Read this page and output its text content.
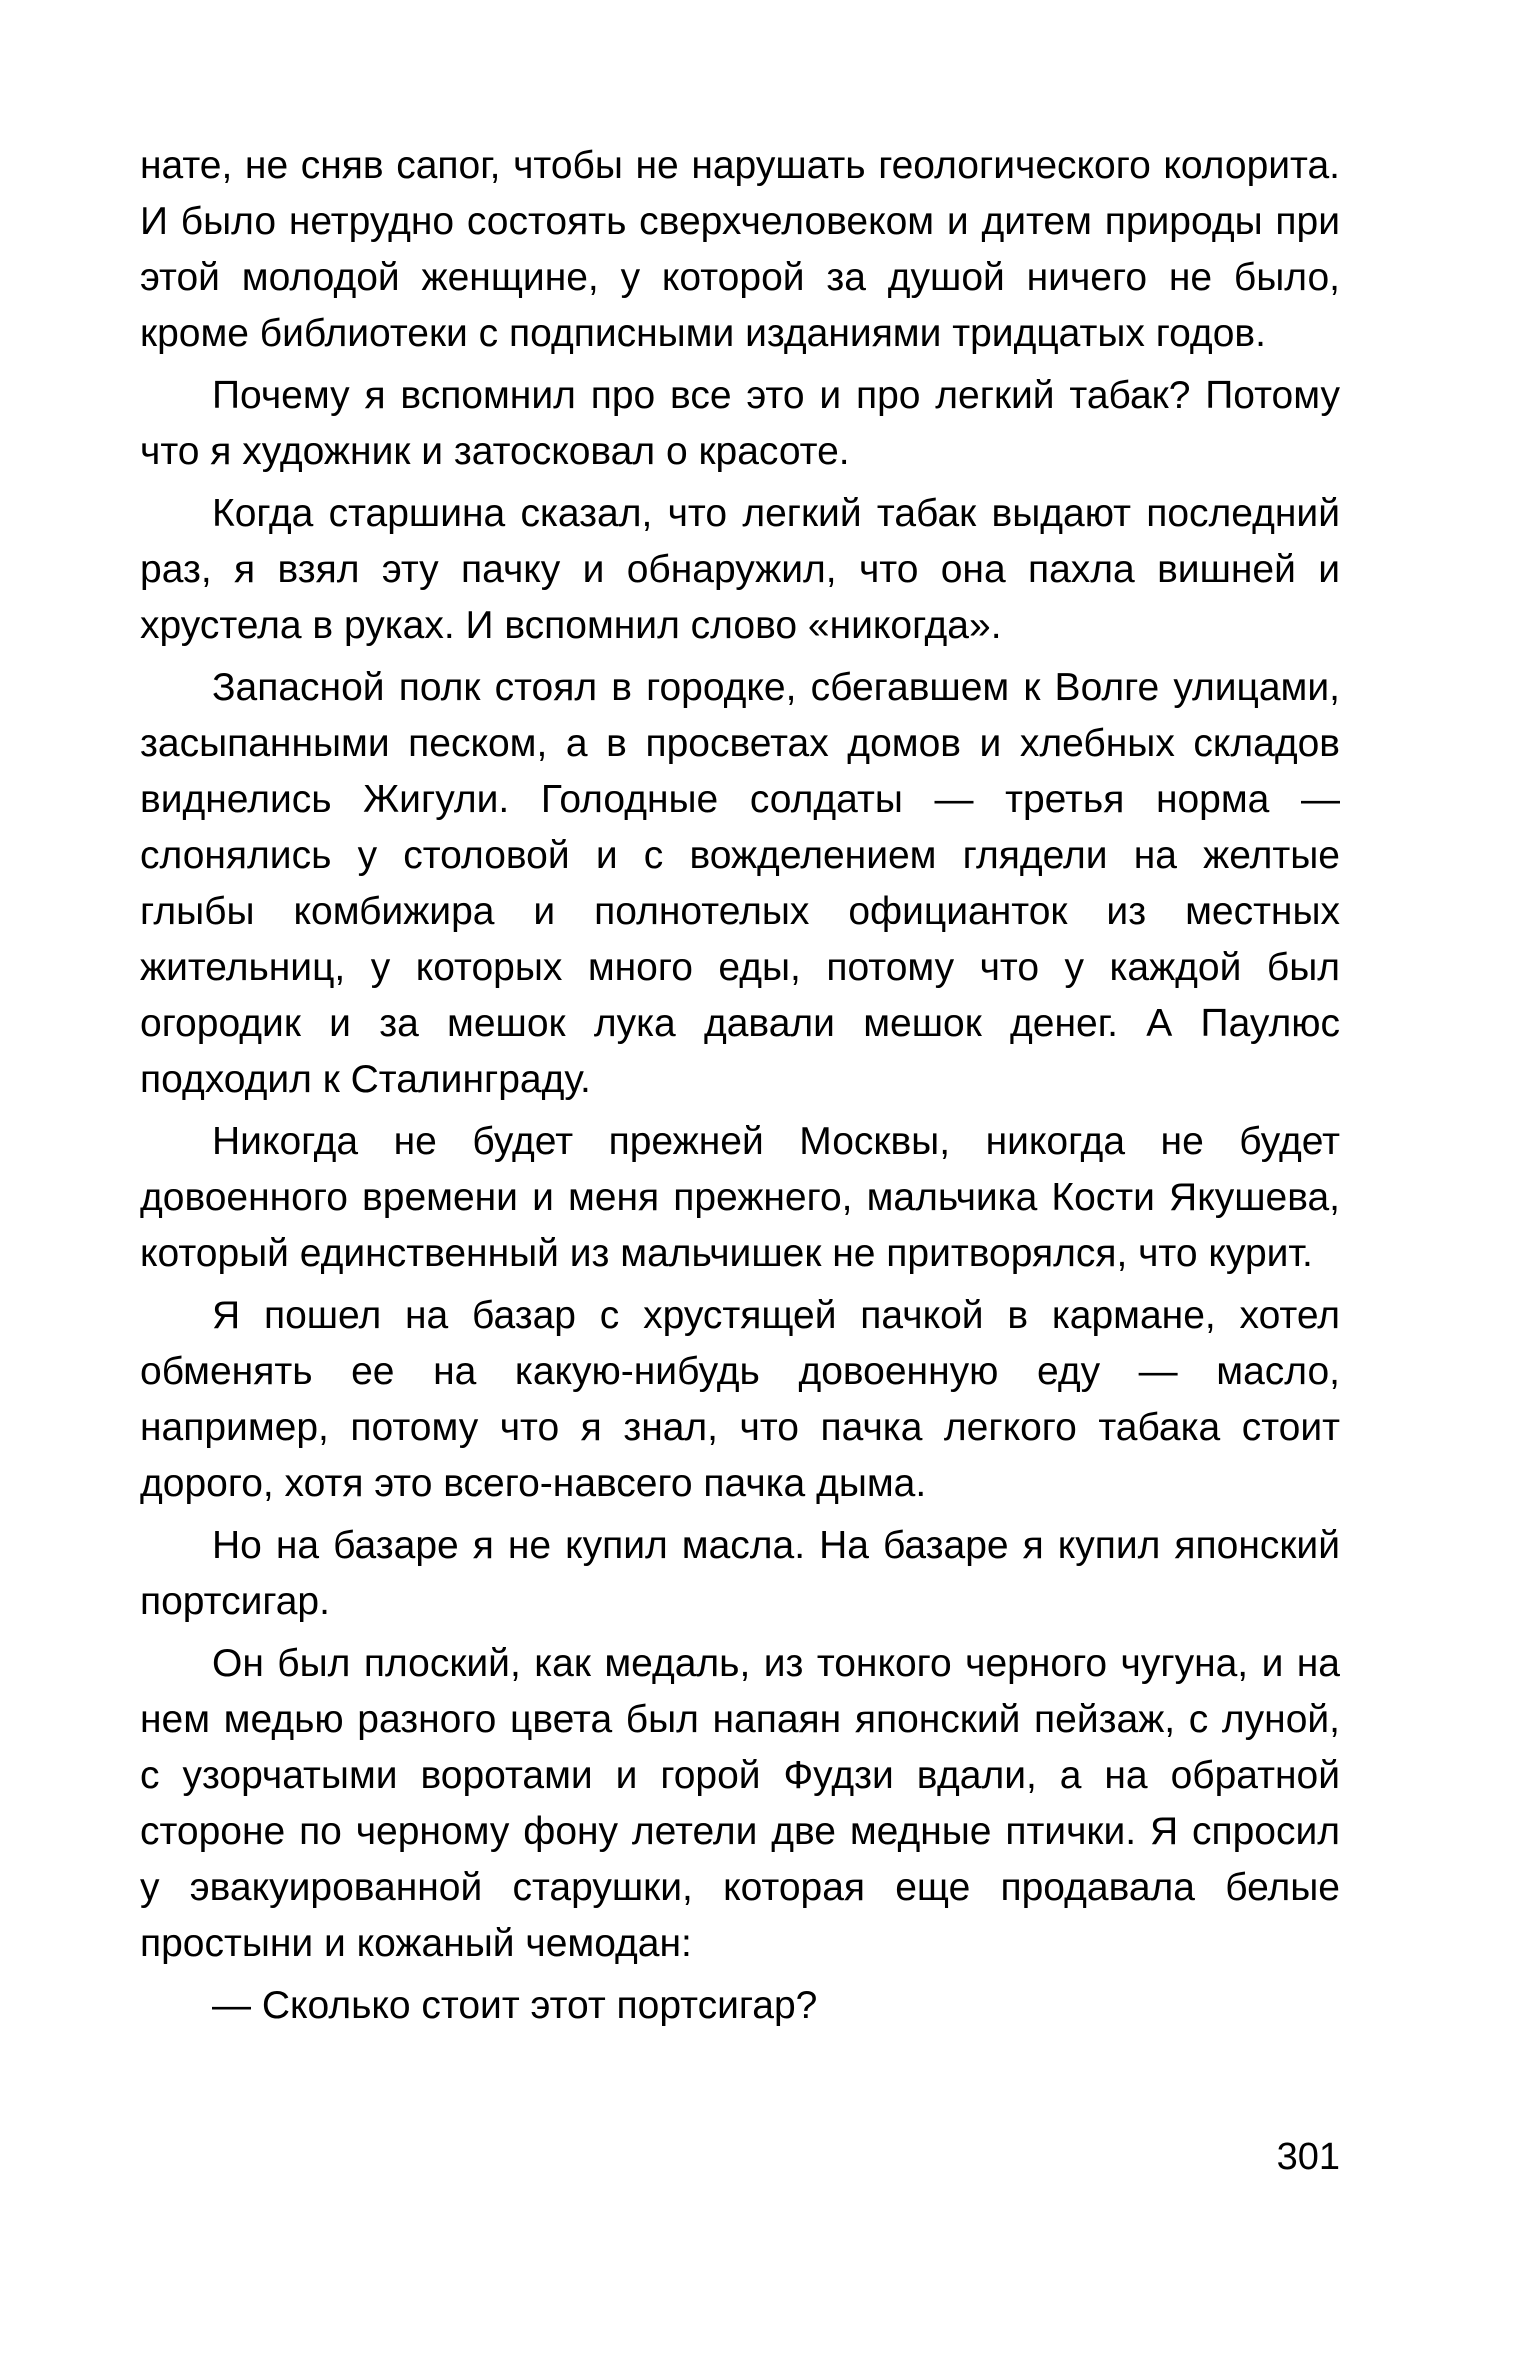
нате, не сняв сапог, чтобы не нарушать геологического колорита. И было нетрудно состоять сверхчеловеком и дитем природы при этой молодой женщине, у которой за душой ничего не было, кроме библиотеки с подписными изданиями тридцатых годов.

Почему я вспомнил про все это и про легкий табак? Потому что я художник и затосковал о красоте.

Когда старшина сказал, что легкий табак выдают последний раз, я взял эту пачку и обнаружил, что она пахла вишней и хрустела в руках. И вспомнил слово «никогда».

Запасной полк стоял в городке, сбегавшем к Волге улицами, засыпанными песком, а в просветах домов и хлебных складов виднелись Жигули. Голодные солдаты — третья норма — слонялись у столовой и с вожделением глядели на желтые глыбы комбижира и полнотелых официанток из местных жительниц, у которых много еды, потому что у каждой был огородик и за мешок лука давали мешок денег. А Паулюс подходил к Сталинграду.

Никогда не будет прежней Москвы, никогда не будет довоенного времени и меня прежнего, мальчика Кости Якушева, который единственный из мальчишек не притворялся, что курит.

Я пошел на базар с хрустящей пачкой в кармане, хотел обменять ее на какую-нибудь довоенную еду — масло, например, потому что я знал, что пачка легкого табака стоит дорого, хотя это всего-навсего пачка дыма.

Но на базаре я не купил масла. На базаре я купил японский портсигар.

Он был плоский, как медаль, из тонкого черного чугуна, и на нем медью разного цвета был напаян японский пейзаж, с луной, с узорчатыми воротами и горой Фудзи вдали, а на обратной стороне по черному фону летели две медные птички. Я спросил у эвакуированной старушки, которая еще продавала белые простыни и кожаный чемодан:

— Сколько стоит этот портсигар?

301
